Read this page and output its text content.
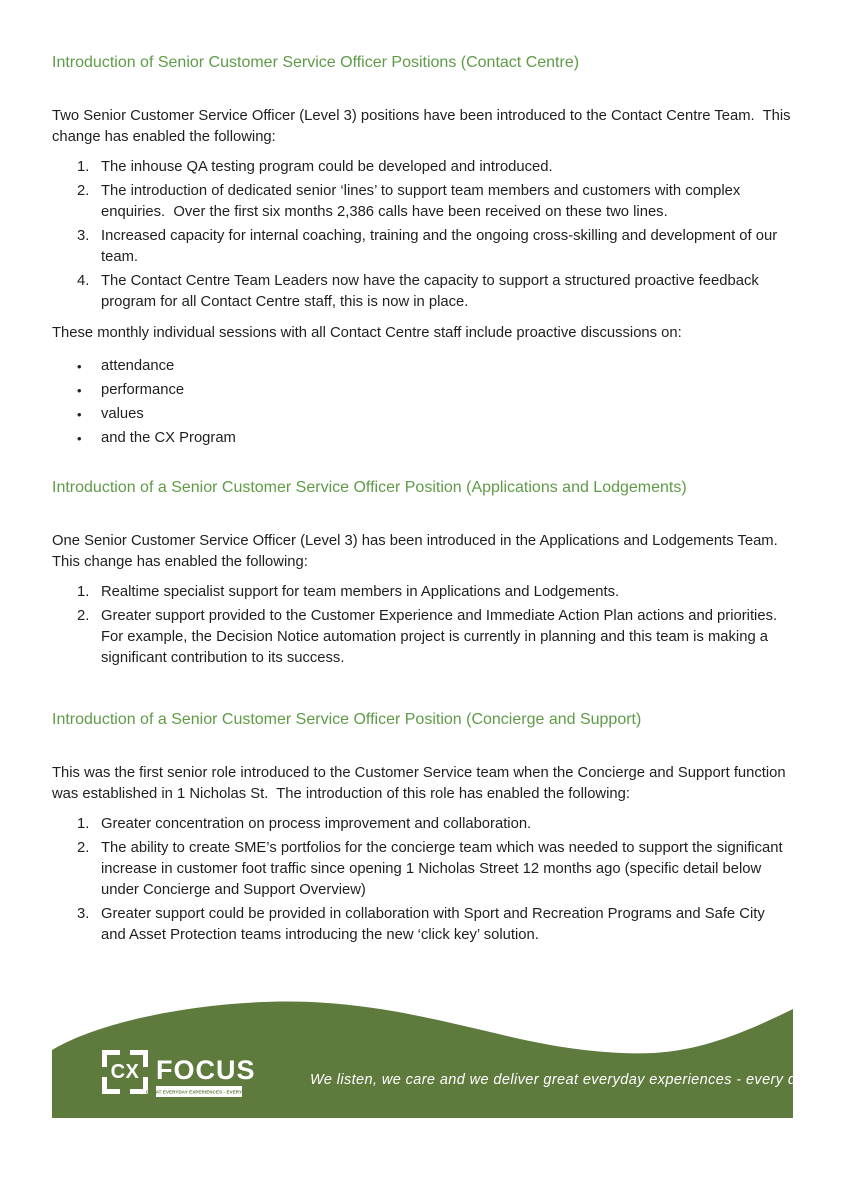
Introduction of Senior Customer Service Officer Positions (Contact Centre)

Two Senior Customer Service Officer (Level 3) positions have been introduced to the Contact Centre Team.  This change has enabled the following:

1. The inhouse QA testing program could be developed and introduced.
2. The introduction of dedicated senior ‘lines’ to support team members and customers with complex enquiries.  Over the first six months 2,386 calls have been received on these two lines.
3. Increased capacity for internal coaching, training and the ongoing cross-skilling and development of our team.
4. The Contact Centre Team Leaders now have the capacity to support a structured proactive feedback program for all Contact Centre staff, this is now in place.

These monthly individual sessions with all Contact Centre staff include proactive discussions on:

•	attendance
•	performance
•	values
•	and the CX Program
Introduction of a Senior Customer Service Officer Position (Applications and Lodgements)

One Senior Customer Service Officer (Level 3) has been introduced in the Applications and Lodgements Team.  This change has enabled the following:

1. Realtime specialist support for team members in Applications and Lodgements.
2. Greater support provided to the Customer Experience and Immediate Action Plan actions and priorities.  For example, the Decision Notice automation project is currently in planning and this team is making a significant contribution to its success.
Introduction of a Senior Customer Service Officer Position (Concierge and Support)

This was the first senior role introduced to the Customer Service team when the Concierge and Support function was established in 1 Nicholas St.  The introduction of this role has enabled the following:

1. Greater concentration on process improvement and collaboration.
2. The ability to create SME’s portfolios for the concierge team which was needed to support the significant increase in customer foot traffic since opening 1 Nicholas Street 12 months ago (specific detail below under Concierge and Support Overview)
3. Greater support could be provided in collaboration with Sport and Recreation Programs and Safe City and Asset Protection teams introducing the new ‘click key’ solution.
CX FOCUS
GREAT EVERYDAY EXPERIENCES - EVERY DAY
We listen, we care and we deliver great everyday experiences - every day
